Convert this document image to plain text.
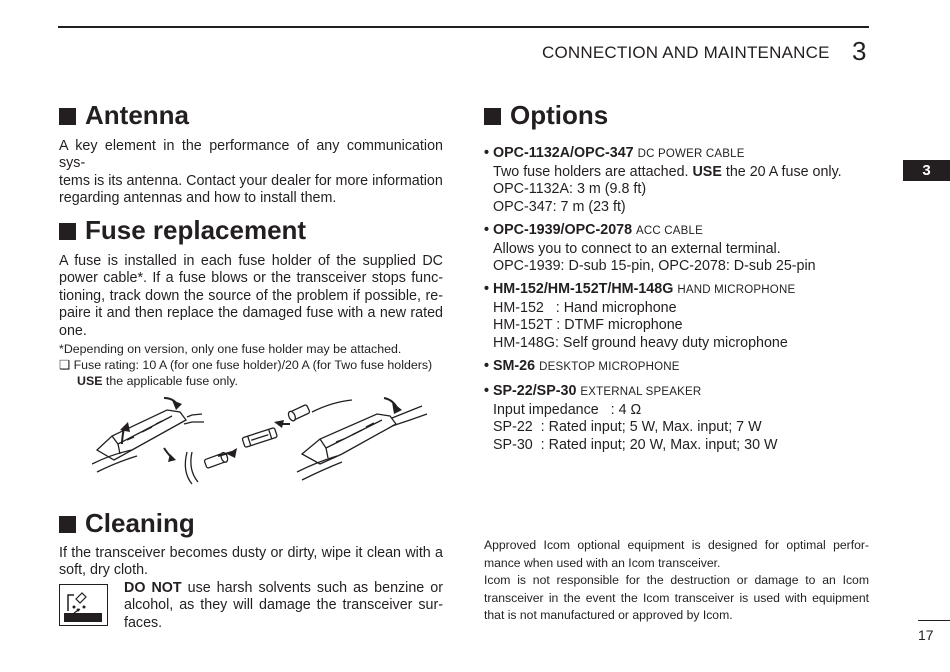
CONNECTION AND MAINTENANCE 3
3
Antenna
A key element in the performance of any communication sys-
tems is its antenna. Contact your dealer for more information
regarding antennas and how to install them.
Fuse replacement
A fuse is installed in each fuse holder of the supplied DC
power cable*. If a fuse blows or the transceiver stops func-
tioning, track down the source of the problem if possible, re-
paire it and then replace the damaged fuse with a new rated
one.
*Depending on version, only one fuse holder may be attached.
❑ Fuse rating: 10 A (for one fuse holder)/20 A (for Two fuse holders)
USE the applicable fuse only.
Cleaning
If the transceiver becomes dusty or dirty, wipe it clean with a
soft, dry cloth.
DO NOT use harsh solvents such as benzine or
alcohol, as they will damage the transceiver sur-
faces.
Options
• OPC-1132A/OPC-347 DC POWER CABLE
Two fuse holders are attached. USE the 20 A fuse only.
OPC-1132A: 3 m (9.8 ft)
OPC-347: 7 m (23 ft)
• OPC-1939/OPC-2078 ACC CABLE
Allows you to connect to an external terminal.
OPC-1939: D-sub 15-pin, OPC-2078: D-sub 25-pin
• HM-152/HM-152T/HM-148G HAND MICROPHONE
HM-152   : Hand microphone
HM-152T : DTMF microphone
HM-148G: Self ground heavy duty microphone
• SM-26 DESKTOP MICROPHONE
• SP-22/SP-30 EXTERNAL SPEAKER
Input impedance   : 4 Ω
SP-22  : Rated input; 5 W, Max. input; 7 W
SP-30  : Rated input; 20 W, Max. input; 30 W
Approved Icom optional equipment is designed for optimal perfor-
mance when used with an Icom transceiver.
Icom is not responsible for the destruction or damage to an Icom
transceiver in the event the Icom transceiver is used with equipment
that is not manufactured or approved by Icom.
17
